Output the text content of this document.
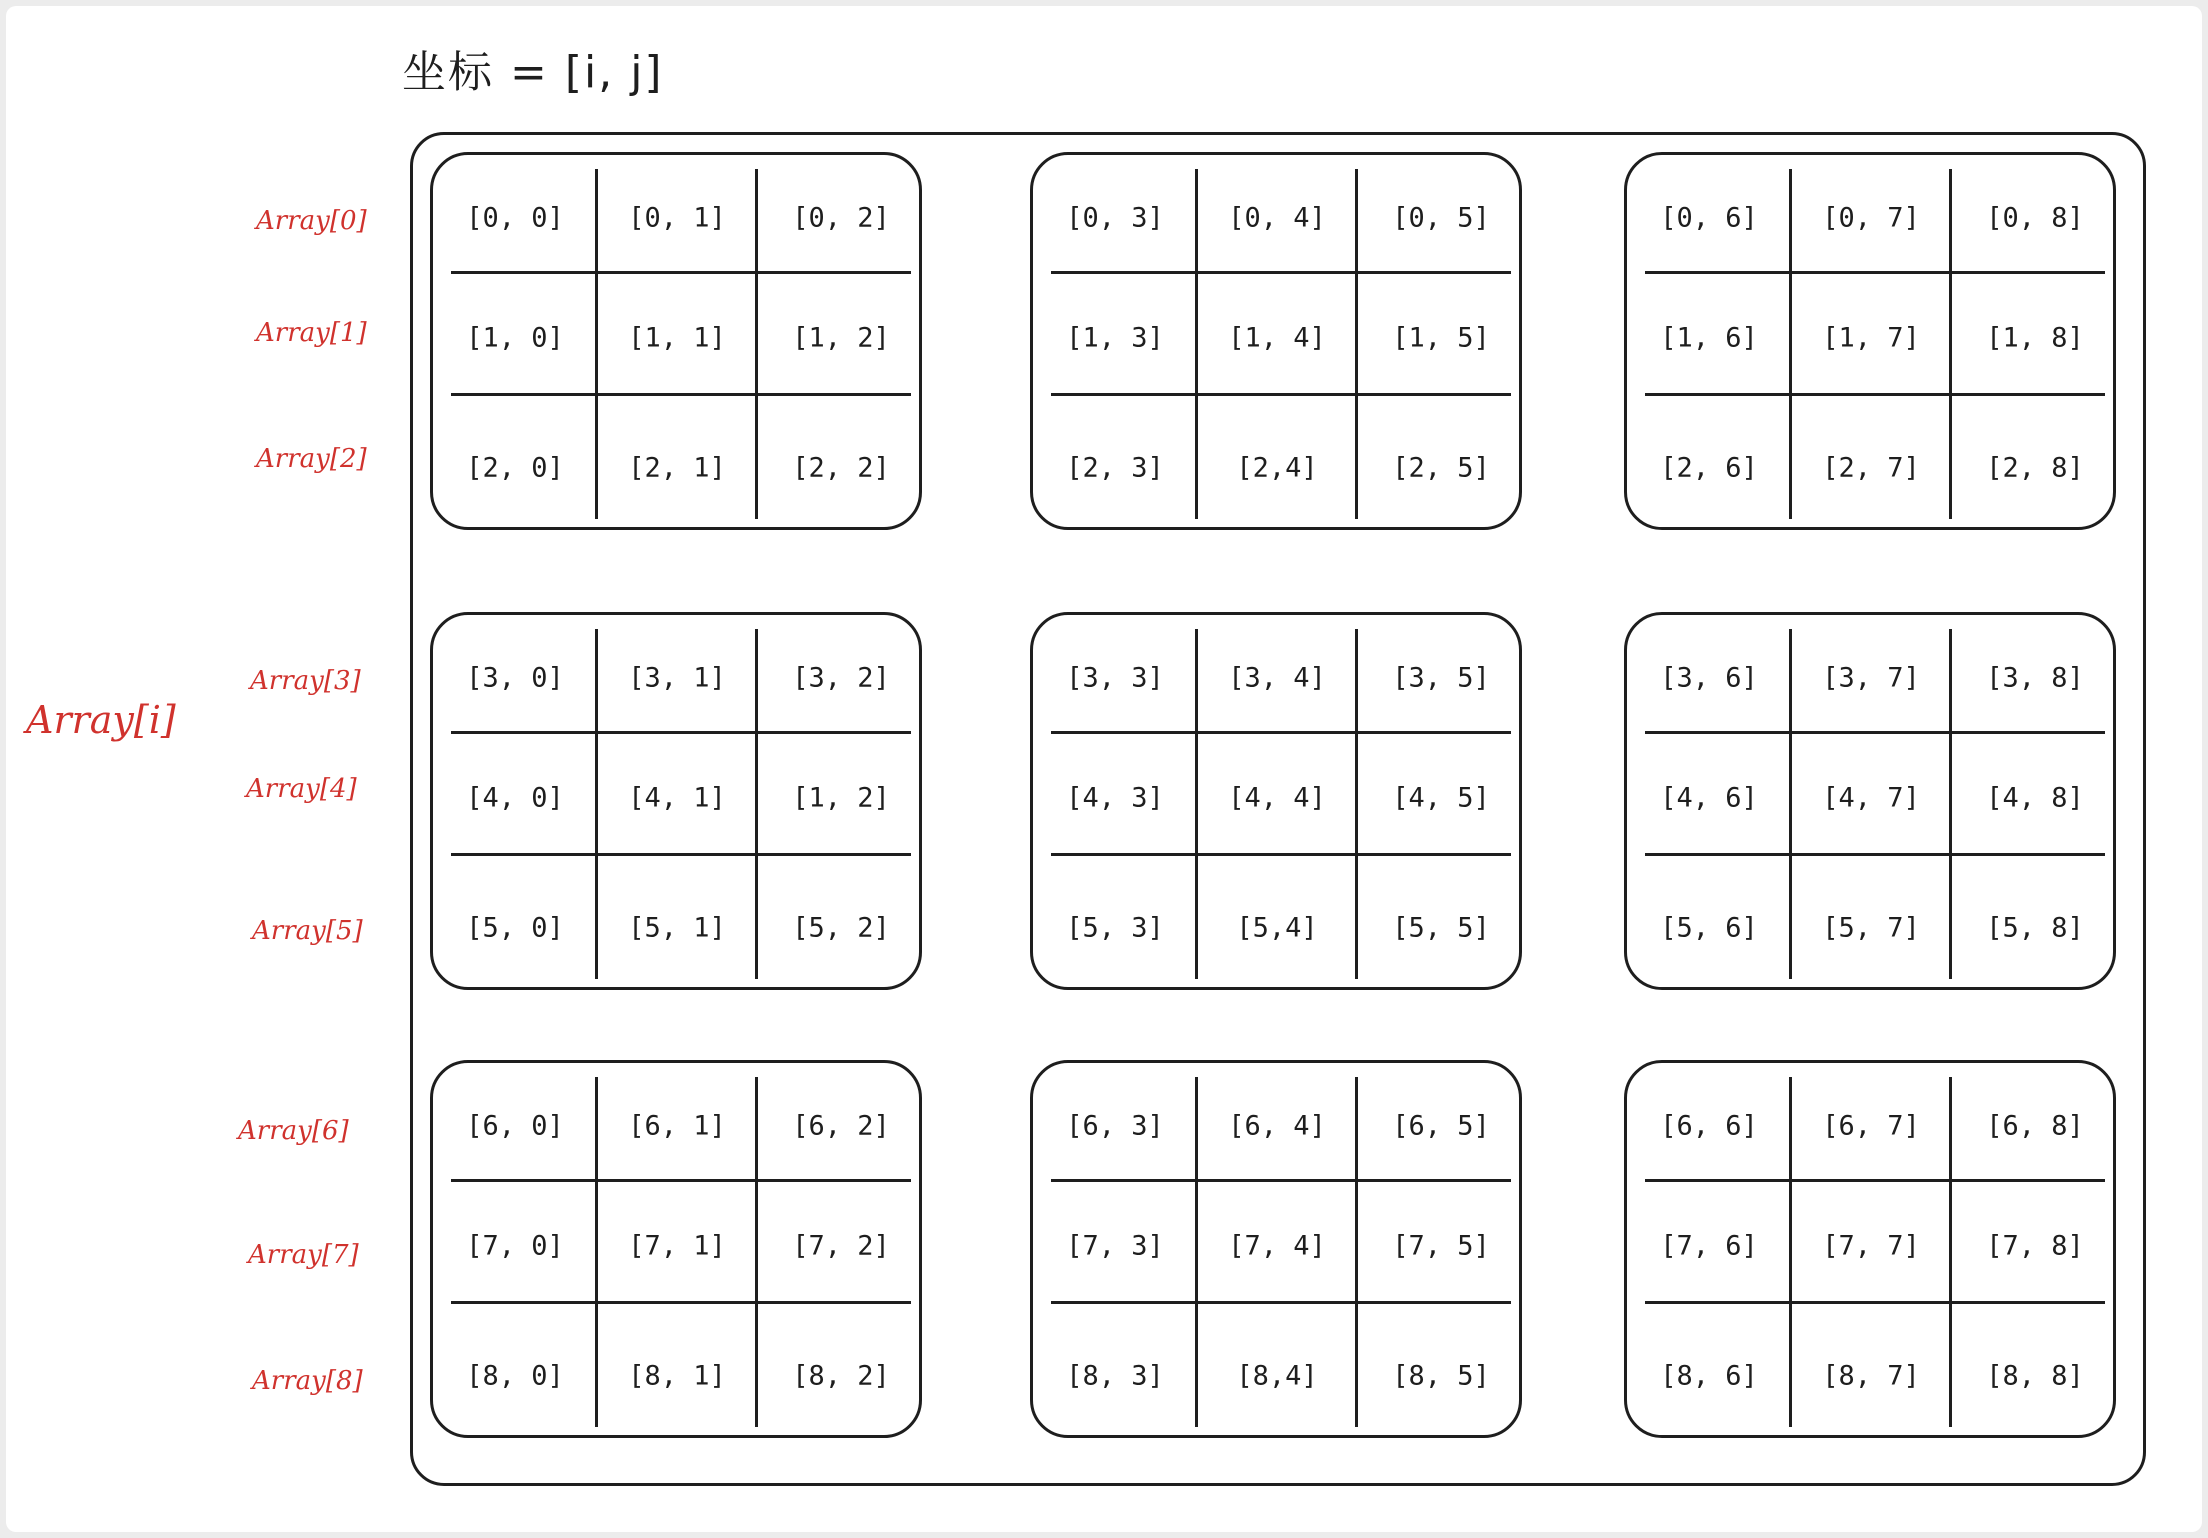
坐标 = [i, j]
Array[i]
Array[0]
Array[1]
Array[2]
Array[3]
Array[4]
Array[5]
Array[6]
Array[7]
Array[8]
[0, 0] [0, 1] [0, 2]
[1, 0] [1, 1] [1, 2]
[2, 0] [2, 1] [2, 2]
[0, 3] [0, 4] [0, 5]
[1, 3] [1, 4] [1, 5]
[2, 3]	[2,4]	[2, 5]
[0, 6] [0, 7] [0, 8]
[1, 6] [1, 7] [1, 8]
[2, 6] [2, 7] [2, 8]
[3, 0] [3, 1] [3, 2]
[4, 0] [4, 1] [1, 2]
[5, 0] [5, 1] [5, 2]
[3, 3] [3, 4] [3, 5]
[4, 3] [4, 4] [4, 5]
[5, 3]	[5,4]	[5, 5]
[3, 6] [3, 7] [3, 8]
[4, 6] [4, 7] [4, 8]
[5, 6] [5, 7] [5, 8]
[6, 0] [6, 1] [6, 2]
[7, 0] [7, 1] [7, 2]
[8, 0] [8, 1] [8, 2]
[6, 3] [6, 4] [6, 5]
[7, 3] [7, 4] [7, 5]
[8, 3]	[8,4]	[8, 5]
[6, 6] [6, 7] [6, 8]
[7, 6] [7, 7] [7, 8]
[8, 6] [8, 7] [8, 8]
